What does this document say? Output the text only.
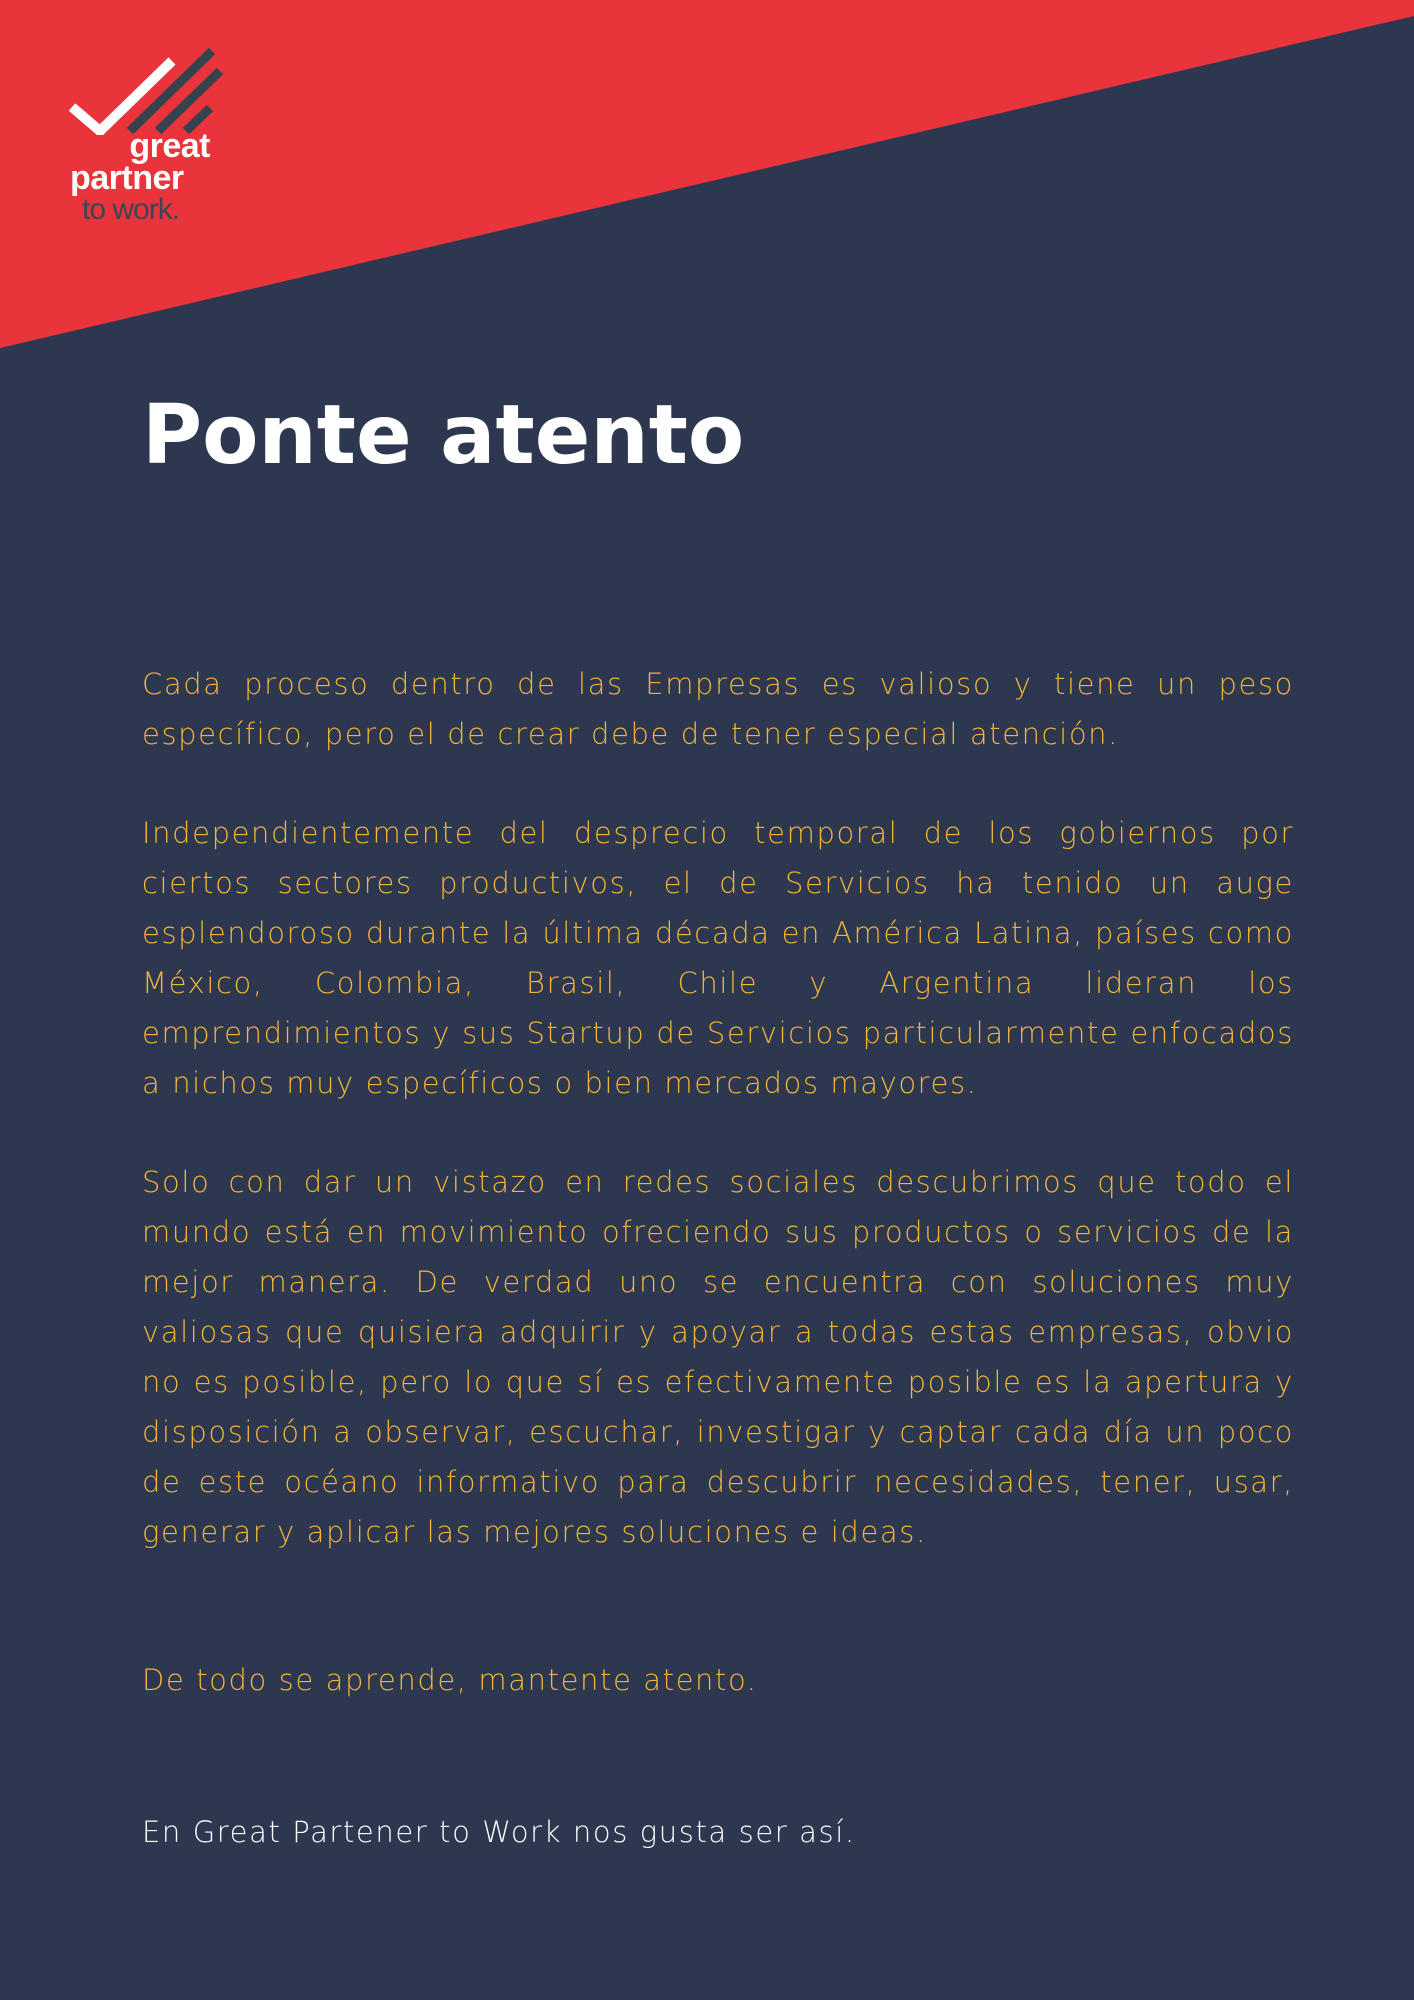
great
partner
to work.
Ponte atento

Cada proceso dentro de las Empresas es valioso y tiene un peso específico, pero el de crear debe de tener especial atención.

Independientemente del desprecio temporal de los gobiernos por ciertos sectores productivos, el de Servicios ha tenido un auge esplendoroso durante la última década en América Latina, países como México, Colombia, Brasil, Chile y Argentina lideran los emprendimientos y sus Startup de Servicios particularmente enfocados a nichos muy específicos o bien mercados mayores.

Solo con dar un vistazo en redes sociales descubrimos que todo el mundo está en movimiento ofreciendo sus productos o servicios de la mejor manera. De verdad uno se encuentra con soluciones muy valiosas que quisiera adquirir y apoyar a todas estas empresas, obvio no es posible, pero lo que sí es efectivamente posible es la apertura y disposición a observar, escuchar, investigar y captar cada día un poco de este océano informativo para descubrir necesidades, tener, usar, generar y aplicar las mejores soluciones e ideas.

De todo se aprende, mantente atento.

En Great Partener to Work nos gusta ser así.
